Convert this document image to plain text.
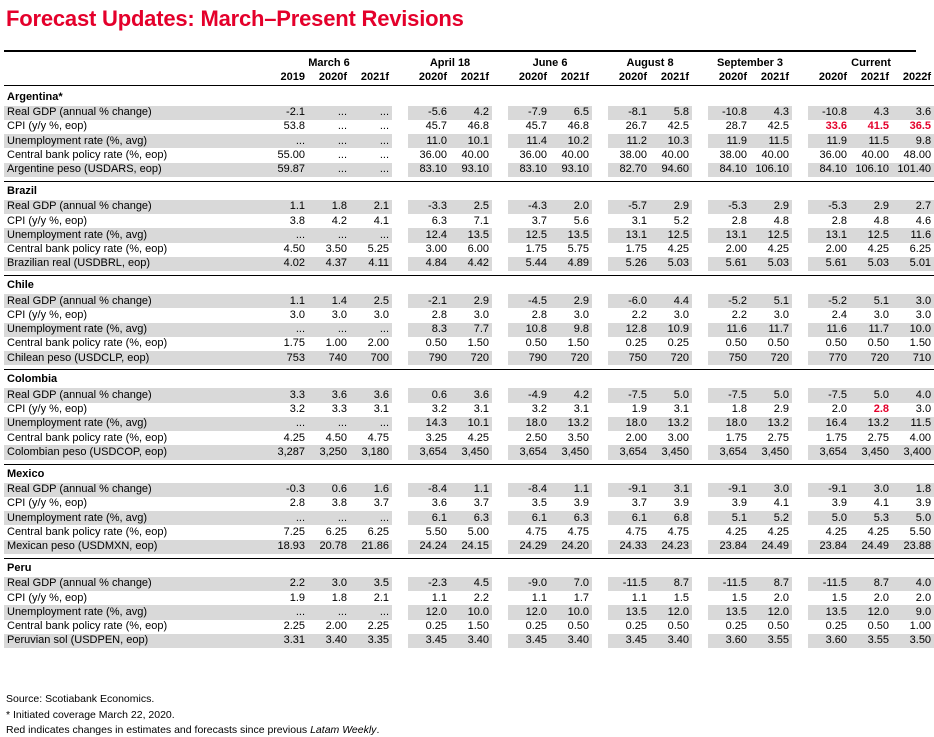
Forecast Updates: March–Present Revisions
	March 6				April 18			June 6			August 8			September 3			Current		
	2019	2020f	2021f		2020f	2021f		2020f	2021f		2020f	2021f		2020f	2021f		2020f	2021f	2022f

Argentina*																			
Real GDP (annual % change)	-2.1	...	...		-5.6	4.2		-7.9	6.5		-8.1	5.8		-10.8	4.3		-10.8	4.3	3.6
CPI (y/y %, eop)	53.8	...	...		45.7	46.8		45.7	46.8		26.7	42.5		28.7	42.5		33.6	41.5	36.5
Unemployment rate (%, avg)	...	...	...		11.0	10.1		11.4	10.2		11.2	10.3		11.9	11.5		11.9	11.5	9.8
Central bank policy rate (%, eop)	55.00	...	...		36.00	40.00		36.00	40.00		38.00	40.00		38.00	40.00		36.00	40.00	48.00
Argentine peso (USDARS, eop)	59.87	...	...		83.10	93.10		83.10	93.10		82.70	94.60		84.10	106.10		84.10	106.10	101.40

Brazil																			
Real GDP (annual % change)	1.1	1.8	2.1		-3.3	2.5		-4.3	2.0		-5.7	2.9		-5.3	2.9		-5.3	2.9	2.7
CPI (y/y %, eop)	3.8	4.2	4.1		6.3	7.1		3.7	5.6		3.1	5.2		2.8	4.8		2.8	4.8	4.6
Unemployment rate (%, avg)	...	...	...		12.4	13.5		12.5	13.5		13.1	12.5		13.1	12.5		13.1	12.5	11.6
Central bank policy rate (%, eop)	4.50	3.50	5.25		3.00	6.00		1.75	5.75		1.75	4.25		2.00	4.25		2.00	4.25	6.25
Brazilian real (USDBRL, eop)	4.02	4.37	4.11		4.84	4.42		5.44	4.89		5.26	5.03		5.61	5.03		5.61	5.03	5.01

Chile																			
Real GDP (annual % change)	1.1	1.4	2.5		-2.1	2.9		-4.5	2.9		-6.0	4.4		-5.2	5.1		-5.2	5.1	3.0
CPI (y/y %, eop)	3.0	3.0	3.0		2.8	3.0		2.8	3.0		2.2	3.0		2.2	3.0		2.4	3.0	3.0
Unemployment rate (%, avg)	...	...	...		8.3	7.7		10.8	9.8		12.8	10.9		11.6	11.7		11.6	11.7	10.0
Central bank policy rate (%, eop)	1.75	1.00	2.00		0.50	1.50		0.50	1.50		0.25	0.25		0.50	0.50		0.50	0.50	1.50
Chilean peso (USDCLP, eop)	753	740	700		790	720		790	720		750	720		750	720		770	720	710

Colombia																			
Real GDP (annual % change)	3.3	3.6	3.6		0.6	3.6		-4.9	4.2		-7.5	5.0		-7.5	5.0		-7.5	5.0	4.0
CPI (y/y %, eop)	3.2	3.3	3.1		3.2	3.1		3.2	3.1		1.9	3.1		1.8	2.9		2.0	2.8	3.0
Unemployment rate (%, avg)	...	...	...		14.3	10.1		18.0	13.2		18.0	13.2		18.0	13.2		16.4	13.2	11.5
Central bank policy rate (%, eop)	4.25	4.50	4.75		3.25	4.25		2.50	3.50		2.00	3.00		1.75	2.75		1.75	2.75	4.00
Colombian peso (USDCOP, eop)	3,287	3,250	3,180		3,654	3,450		3,654	3,450		3,654	3,450		3,654	3,450		3,654	3,450	3,400

Mexico																			
Real GDP (annual % change)	-0.3	0.6	1.6		-8.4	1.1		-8.4	1.1		-9.1	3.1		-9.1	3.0		-9.1	3.0	1.8
CPI (y/y %, eop)	2.8	3.8	3.7		3.6	3.7		3.5	3.9		3.7	3.9		3.9	4.1		3.9	4.1	3.9
Unemployment rate (%, avg)	...	...	...		6.1	6.3		6.1	6.3		6.1	6.8		5.1	5.2		5.0	5.3	5.0
Central bank policy rate (%, eop)	7.25	6.25	6.25		5.50	5.00		4.75	4.75		4.75	4.75		4.25	4.25		4.25	4.25	5.50
Mexican peso (USDMXN, eop)	18.93	20.78	21.86		24.24	24.15		24.29	24.20		24.33	24.23		23.84	24.49		23.84	24.49	23.88

Peru																			
Real GDP (annual % change)	2.2	3.0	3.5		-2.3	4.5		-9.0	7.0		-11.5	8.7		-11.5	8.7		-11.5	8.7	4.0
CPI (y/y %, eop)	1.9	1.8	2.1		1.1	2.2		1.1	1.7		1.1	1.5		1.5	2.0		1.5	2.0	2.0
Unemployment rate (%, avg)	...	...	...		12.0	10.0		12.0	10.0		13.5	12.0		13.5	12.0		13.5	12.0	9.0
Central bank policy rate (%, eop)	2.25	2.00	2.25		0.25	1.50		0.25	0.50		0.25	0.50		0.25	0.50		0.25	0.50	1.00
Peruvian sol (USDPEN, eop)	3.31	3.40	3.35		3.45	3.40		3.45	3.40		3.45	3.40		3.60	3.55		3.60	3.55	3.50
Source: Scotiabank Economics.
* Initiated coverage March 22, 2020.
Red indicates changes in estimates and forecasts since previous Latam Weekly.
